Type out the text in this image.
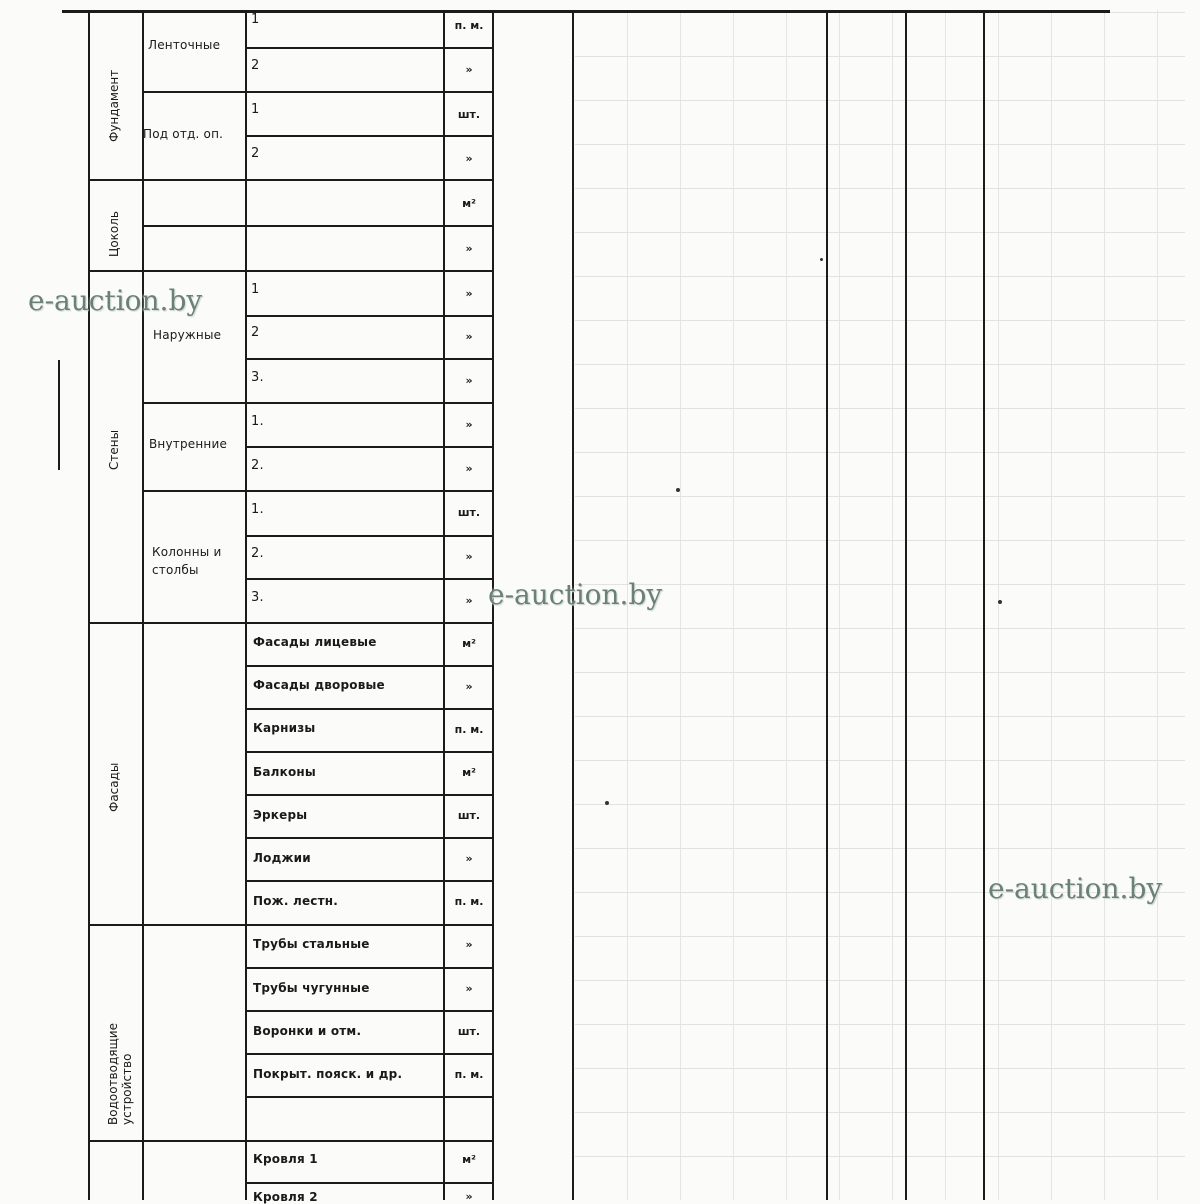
Фундамент
Цоколь
Стены
Фасады
Водоотводящие устройство
Ленточные
Под отд. оп.
Наружные
Внутренние
Колонны и столбы
1
2
1
2
1
2
3.
1.
2.
1.
2.
3.
Фасады лицевые
Фасады дворовые
Карнизы
Балконы
Эркеры
Лоджии
Пож. лестн.
Трубы стальные
Трубы чугунные
Воронки и отм.
Покрыт. пояск. и др.
Кровля 1
Кровля 2
п. м.
»
шт.
»
м²
»
»
»
»
»
»
шт.
»
»
м²
»
п. м.
м²
шт.
»
п. м.
»
»
шт.
п. м.
м²
»
e-auction.by
e-auction.by
e-auction.by
